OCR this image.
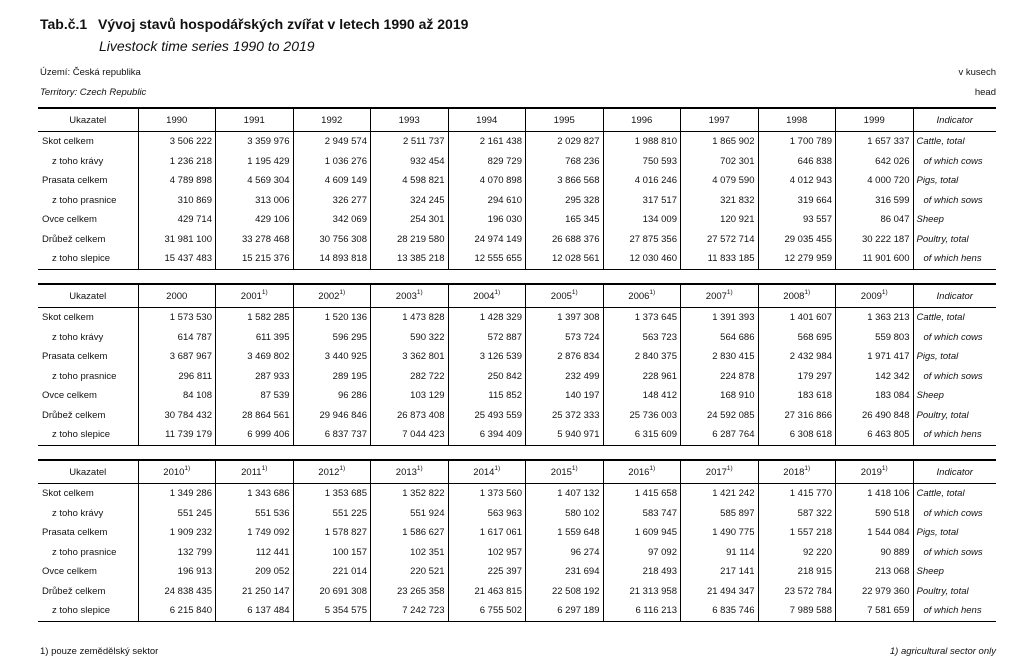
Tab.č.1 Vývoj stavů hospodářských zvířat v letech 1990 až 2019
Livestock time series 1990 to 2019
Území: Česká republika
Territory: Czech Republic
v kusech
head
Ukazatel	1990	1991	1992	1993	1994	1995	1996	1997	1998	1999	Indicator
Skot celkem	3 506 222	3 359 976	2 949 574	2 511 737	2 161 438	2 029 827	1 988 810	1 865 902	1 700 789	1 657 337	Cattle, total
z toho krávy	1 236 218	1 195 429	1 036 276	932 454	829 729	768 236	750 593	702 301	646 838	642 026	of which cows
Prasata celkem	4 789 898	4 569 304	4 609 149	4 598 821	4 070 898	3 866 568	4 016 246	4 079 590	4 012 943	4 000 720	Pigs, total
z toho prasnice	310 869	313 006	326 277	324 245	294 610	295 328	317 517	321 832	319 664	316 599	of which sows
Ovce celkem	429 714	429 106	342 069	254 301	196 030	165 345	134 009	120 921	93 557	86 047	Sheep
Drůbež celkem	31 981 100	33 278 468	30 756 308	28 219 580	24 974 149	26 688 376	27 875 356	27 572 714	29 035 455	30 222 187	Poultry, total
z toho slepice	15 437 483	15 215 376	14 893 818	13 385 218	12 555 655	12 028 561	12 030 460	11 833 185	12 279 959	11 901 600	of which hens
Ukazatel	2000	2001$^{1)}$	2002$^{1)}$	2003$^{1)}$	2004$^{1)}$	2005$^{1)}$	2006$^{1)}$	2007$^{1)}$	2008$^{1)}$	2009$^{1)}$	Indicator
Skot celkem	1 573 530	1 582 285	1 520 136	1 473 828	1 428 329	1 397 308	1 373 645	1 391 393	1 401 607	1 363 213	Cattle, total
z toho krávy	614 787	611 395	596 295	590 322	572 887	573 724	563 723	564 686	568 695	559 803	of which cows
Prasata celkem	3 687 967	3 469 802	3 440 925	3 362 801	3 126 539	2 876 834	2 840 375	2 830 415	2 432 984	1 971 417	Pigs, total
z toho prasnice	296 811	287 933	289 195	282 722	250 842	232 499	228 961	224 878	179 297	142 342	of which sows
Ovce celkem	84 108	87 539	96 286	103 129	115 852	140 197	148 412	168 910	183 618	183 084	Sheep
Drůbež celkem	30 784 432	28 864 561	29 946 846	26 873 408	25 493 559	25 372 333	25 736 003	24 592 085	27 316 866	26 490 848	Poultry, total
z toho slepice	11 739 179	6 999 406	6 837 737	7 044 423	6 394 409	5 940 971	6 315 609	6 287 764	6 308 618	6 463 805	of which hens
Ukazatel	2010$^{1)}$	2011$^{1)}$	2012$^{1)}$	2013$^{1)}$	2014$^{1)}$	2015$^{1)}$	2016$^{1)}$	2017$^{1)}$	2018$^{1)}$	2019$^{1)}$	Indicator
Skot celkem	1 349 286	1 343 686	1 353 685	1 352 822	1 373 560	1 407 132	1 415 658	1 421 242	1 415 770	1 418 106	Cattle, total
z toho krávy	551 245	551 536	551 225	551 924	563 963	580 102	583 747	585 897	587 322	590 518	of which cows
Prasata celkem	1 909 232	1 749 092	1 578 827	1 586 627	1 617 061	1 559 648	1 609 945	1 490 775	1 557 218	1 544 084	Pigs, total
z toho prasnice	132 799	112 441	100 157	102 351	102 957	96 274	97 092	91 114	92 220	90 889	of which sows
Ovce celkem	196 913	209 052	221 014	220 521	225 397	231 694	218 493	217 141	218 915	213 068	Sheep
Drůbež celkem	24 838 435	21 250 147	20 691 308	23 265 358	21 463 815	22 508 192	21 313 958	21 494 347	23 572 784	22 979 360	Poultry, total
z toho slepice	6 215 840	6 137 484	5 354 575	7 242 723	6 755 502	6 297 189	6 116 213	6 835 746	7 989 588	7 581 659	of which hens
1) pouze zemědělský sektor	1) agricultural sector only
